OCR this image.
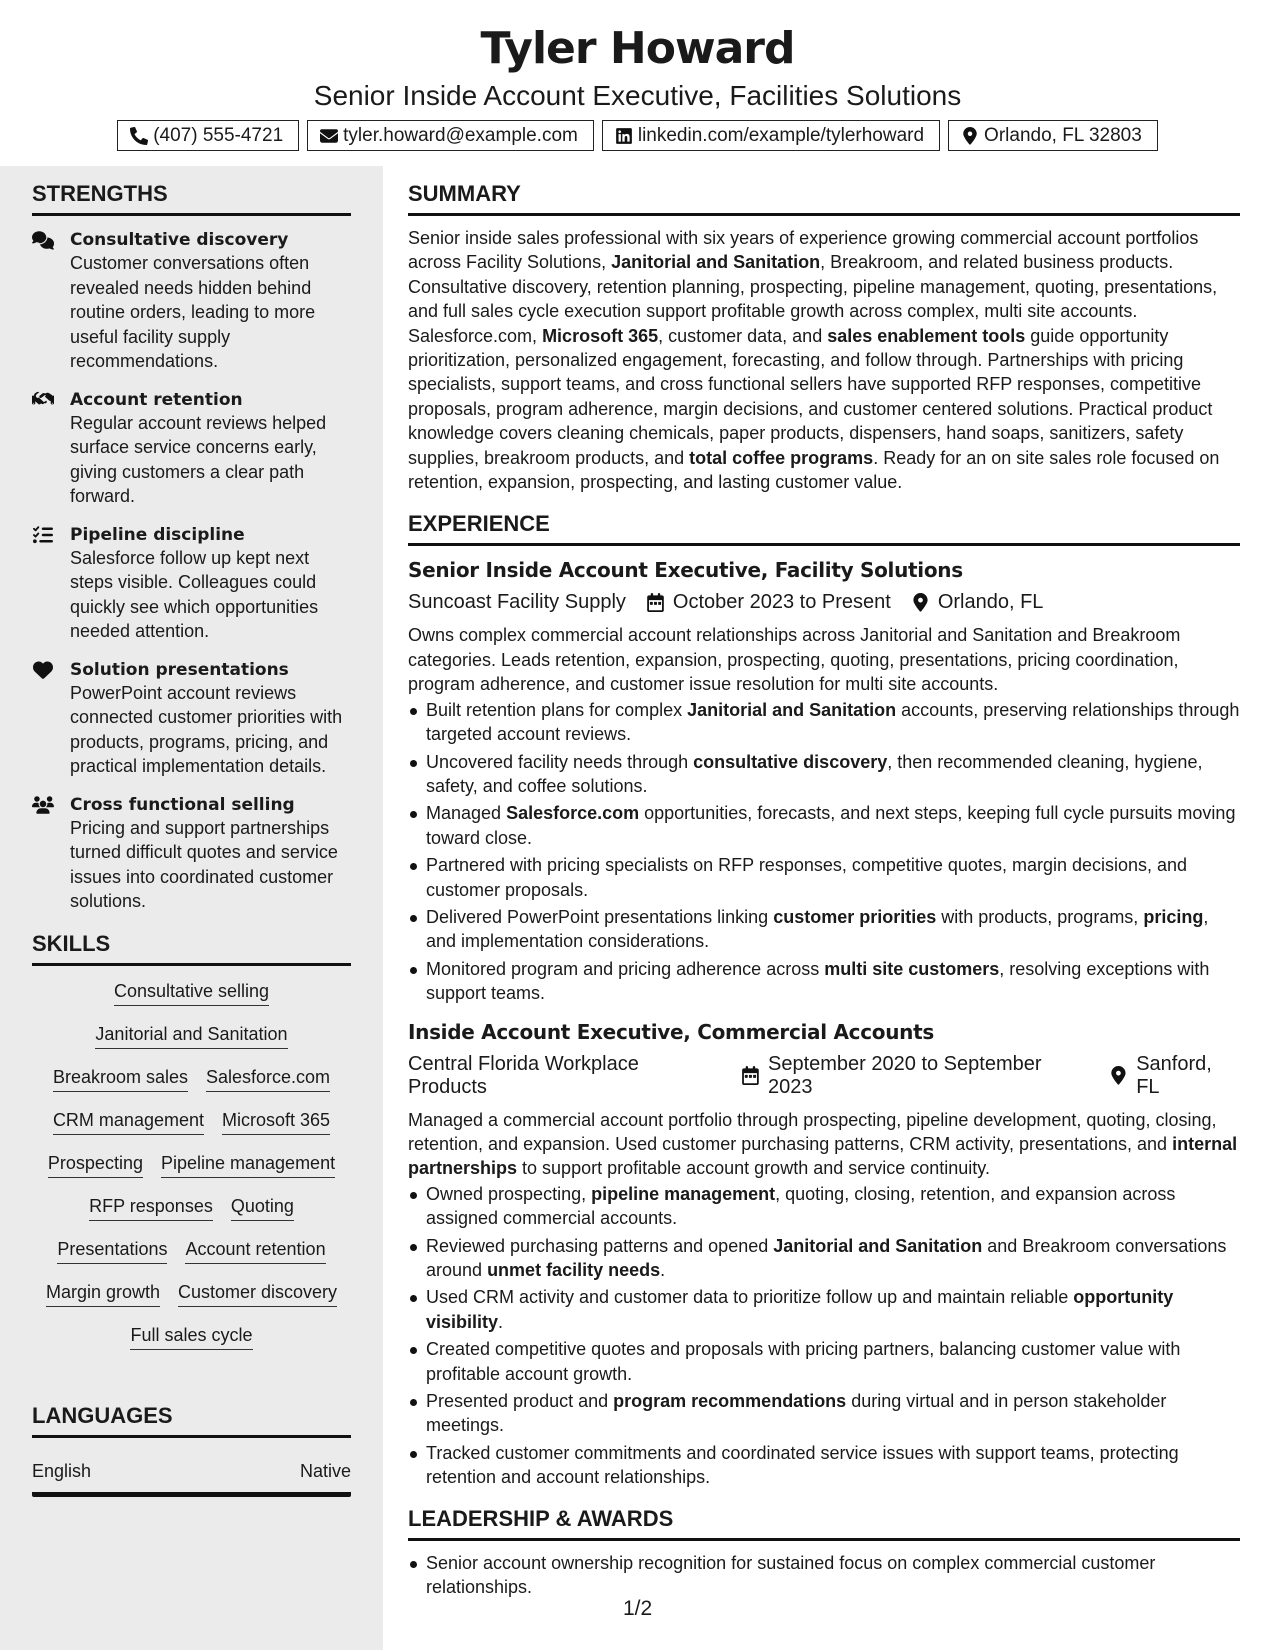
Tyler Howard
Senior Inside Account Executive, Facilities Solutions
(407) 555-4721	tyler.howard@example.com	linkedin.com/example/tylerhoward	Orlando, FL 32803
STRENGTHS
Consultative discovery
Customer conversations often revealed needs hidden behind routine orders, leading to more useful facility supply recommendations.
Account retention
Regular account reviews helped surface service concerns early, giving customers a clear path forward.
Pipeline discipline
Salesforce follow up kept next steps visible. Colleagues could quickly see which opportunities needed attention.
Solution presentations
PowerPoint account reviews connected customer priorities with products, programs, pricing, and practical implementation details.
Cross functional selling
Pricing and support partnerships turned difficult quotes and service issues into coordinated customer solutions.
SKILLS
Consultative selling
Janitorial and Sanitation
Breakroom sales Salesforce.com
CRM management Microsoft 365
Prospecting Pipeline management
RFP responses Quoting
Presentations Account retention
Margin growth Customer discovery
Full sales cycle
LANGUAGES
English	Native
SUMMARY
Senior inside sales professional with six years of experience growing commercial account portfolios across Facility Solutions, Janitorial and Sanitation, Breakroom, and related business products. Consultative discovery, retention planning, prospecting, pipeline management, quoting, presentations, and full sales cycle execution support profitable growth across complex, multi site accounts. Salesforce.com, Microsoft 365, customer data, and sales enablement tools guide opportunity prioritization, personalized engagement, forecasting, and follow through. Partnerships with pricing specialists, support teams, and cross functional sellers have supported RFP responses, competitive proposals, program adherence, margin decisions, and customer centered solutions. Practical product knowledge covers cleaning chemicals, paper products, dispensers, hand soaps, sanitizers, safety supplies, breakroom products, and total coffee programs. Ready for an on site sales role focused on retention, expansion, prospecting, and lasting customer value.
EXPERIENCE
Senior Inside Account Executive, Facility Solutions
Suncoast Facility Supply October 2023 to Present Orlando, FL
Owns complex commercial account relationships across Janitorial and Sanitation and Breakroom categories. Leads retention, expansion, prospecting, quoting, presentations, pricing coordination, program adherence, and customer issue resolution for multi site accounts.
Built retention plans for complex Janitorial and Sanitation accounts, preserving relationships through targeted account reviews.
Uncovered facility needs through consultative discovery, then recommended cleaning, hygiene, safety, and coffee solutions.
Managed Salesforce.com opportunities, forecasts, and next steps, keeping full cycle pursuits moving toward close.
Partnered with pricing specialists on RFP responses, competitive quotes, margin decisions, and customer proposals.
Delivered PowerPoint presentations linking customer priorities with products, programs, pricing, and implementation considerations.
Monitored program and pricing adherence across multi site customers, resolving exceptions with support teams.
Inside Account Executive, Commercial Accounts
Central Florida Workplace Products
September 2020 to September 2023
Sanford, FL
Managed a commercial account portfolio through prospecting, pipeline development, quoting, closing, retention, and expansion. Used customer purchasing patterns, CRM activity, presentations, and internal partnerships to support profitable account growth and service continuity.
Owned prospecting, pipeline management, quoting, closing, retention, and expansion across assigned commercial accounts.
Reviewed purchasing patterns and opened Janitorial and Sanitation and Breakroom conversations around unmet facility needs.
Used CRM activity and customer data to prioritize follow up and maintain reliable opportunity visibility.
Created competitive quotes and proposals with pricing partners, balancing customer value with profitable account growth.
Presented product and program recommendations during virtual and in person stakeholder meetings.
Tracked customer commitments and coordinated service issues with support teams, protecting retention and account relationships.
LEADERSHIP & AWARDS
Senior account ownership recognition for sustained focus on complex commercial customer relationships.
1/2
